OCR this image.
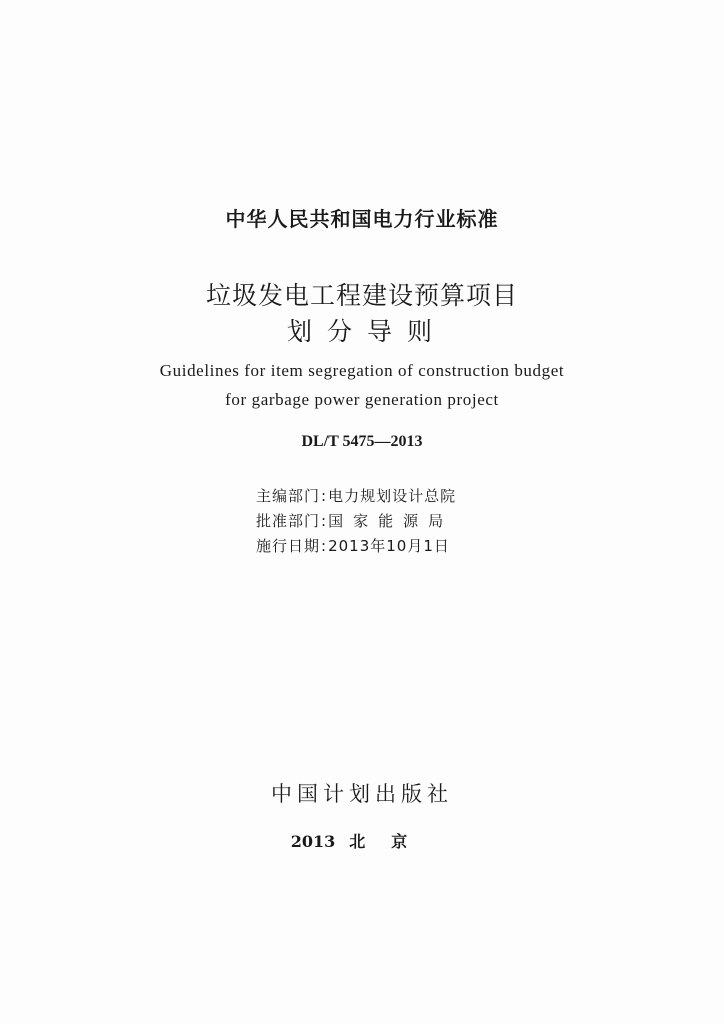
中华人民共和国电力行业标准
垃圾发电工程建设预算项目
划分导则
Guidelines for item segregation of construction budget
for garbage power generation project
DL/T 5475—2013
主编部门:电力规划设计总院
批准部门:国家能源局
施行日期:2013年10月1日
中国计划出版社
2013 北京
